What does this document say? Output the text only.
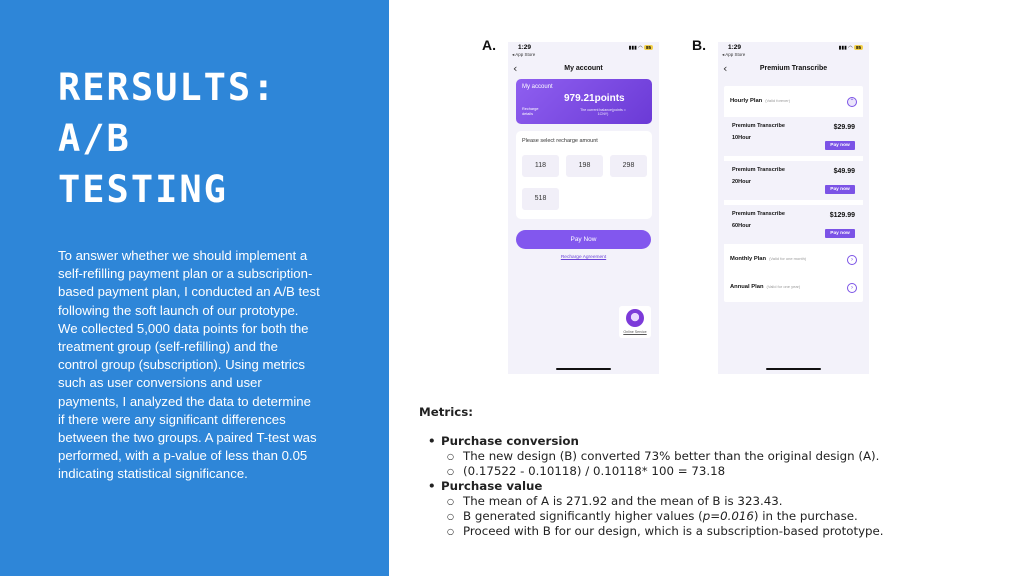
RERSULTS:
A/B
TESTING

To answer whether we should implement a self-refilling payment plan or a subscription-based payment plan, I conducted an A/B test following the soft launch of our prototype. We collected 5,000 data points for both the treatment group (self-refilling) and the control group (subscription). Using metrics such as user conversions and user payments, I analyzed the data to determine if there were any significant differences between the two groups. A paired T-test was performed, with a p-value of less than 0.05 indicating statistical significance.

A.	1:29
◂ App Store
▮▮▮ ◠ 85
‹	My account
My account
979.21points
Recharge details
The current balance(points = 1CNY)
Please select recharge amount
118	198	298
518
Pay Now
Recharge Agreement
Online Service
B.	1:29
◂ App Store
▮▮▮ ◠ 85
‹	Premium Transcribe
Hourly Plan (Valid forever)	⌃
Premium Transcribe
10Hour
$29.99
Pay now
Premium Transcribe
20Hour
$49.99
Pay now
Premium Transcribe
60Hour
$129.99
Pay now
Monthly Plan (Valid for one month)	›
Annual Plan (Valid for one year)	›
Metrics:
• Purchase conversion
○ The new design (B) converted 73% better than the original design (A).
○ (0.17522 - 0.10118) / 0.10118* 100 = 73.18
• Purchase value
○ The mean of A is 271.92 and the mean of B is 323.43.
○ B generated significantly higher values (p=0.016) in the purchase.
○ Proceed with B for our design, which is a subscription-based prototype.
